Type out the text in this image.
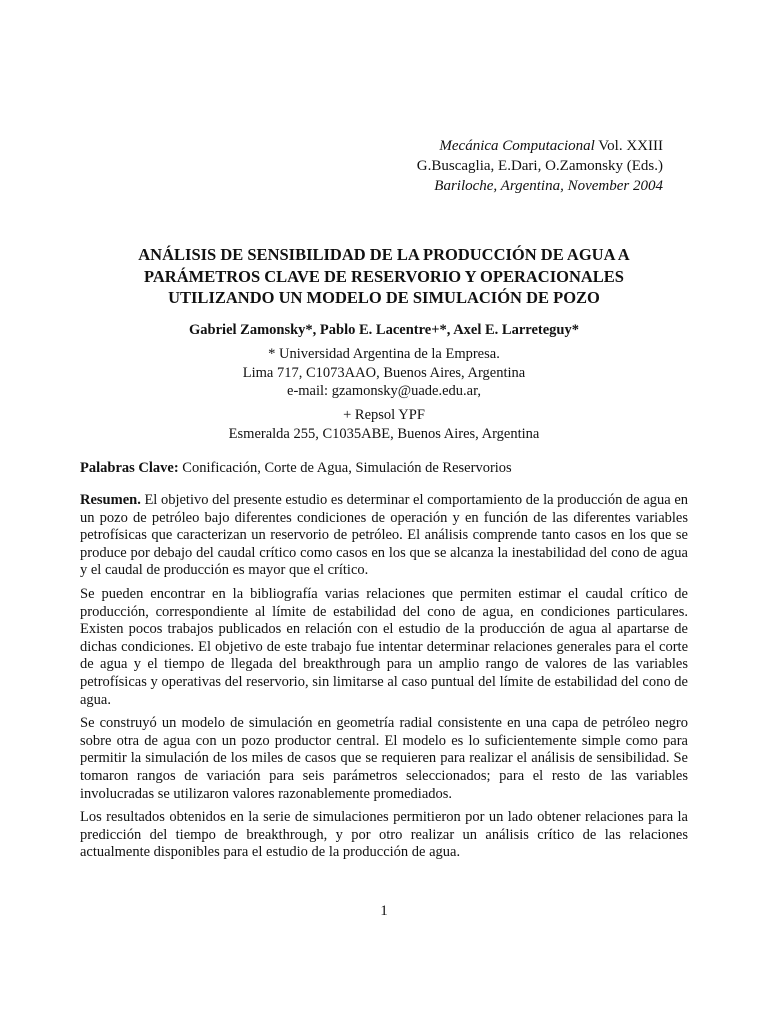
Mecánica Computacional Vol. XXIII
G.Buscaglia, E.Dari, O.Zamonsky (Eds.)
Bariloche, Argentina, November 2004
ANÁLISIS DE SENSIBILIDAD DE LA PRODUCCIÓN DE AGUA A
PARÁMETROS CLAVE DE RESERVORIO Y OPERACIONALES
UTILIZANDO UN MODELO DE SIMULACIÓN DE POZO
Gabriel Zamonsky*, Pablo E. Lacentre+*, Axel E. Larreteguy*
* Universidad Argentina de la Empresa.
Lima 717, C1073AAO, Buenos Aires, Argentina
e-mail: gzamonsky@uade.edu.ar,
+ Repsol YPF
Esmeralda 255, C1035ABE, Buenos Aires, Argentina
Palabras Clave: Conificación, Corte de Agua, Simulación de Reservorios

Resumen. El objetivo del presente estudio es determinar el comportamiento de la producción de agua en un pozo de petróleo bajo diferentes condiciones de operación y en función de las diferentes variables petrofísicas que caracterizan un reservorio de petróleo. El análisis comprende tanto casos en los que se produce por debajo del caudal crítico como casos en los que se alcanza la inestabilidad del cono de agua y el caudal de producción es mayor que el crítico.

Se pueden encontrar en la bibliografía varias relaciones que permiten estimar el caudal crítico de producción, correspondiente al límite de estabilidad del cono de agua, en condiciones particulares. Existen pocos trabajos publicados en relación con el estudio de la producción de agua al apartarse de dichas condiciones. El objetivo de este trabajo fue intentar determinar relaciones generales para el corte de agua y el tiempo de llegada del breakthrough para un amplio rango de valores de las variables petrofísicas y operativas del reservorio, sin limitarse al caso puntual del límite de estabilidad del cono de agua.

Se construyó un modelo de simulación en geometría radial consistente en una capa de petróleo negro sobre otra de agua con un pozo productor central. El modelo es lo suficientemente simple como para permitir la simulación de los miles de casos que se requieren para realizar el análisis de sensibilidad. Se tomaron rangos de variación para seis parámetros seleccionados; para el resto de las variables involucradas se utilizaron valores razonablemente promediados.

Los resultados obtenidos en la serie de simulaciones permitieron por un lado obtener relaciones para la predicción del tiempo de breakthrough, y por otro realizar un análisis crítico de las relaciones actualmente disponibles para el estudio de la producción de agua.

1
